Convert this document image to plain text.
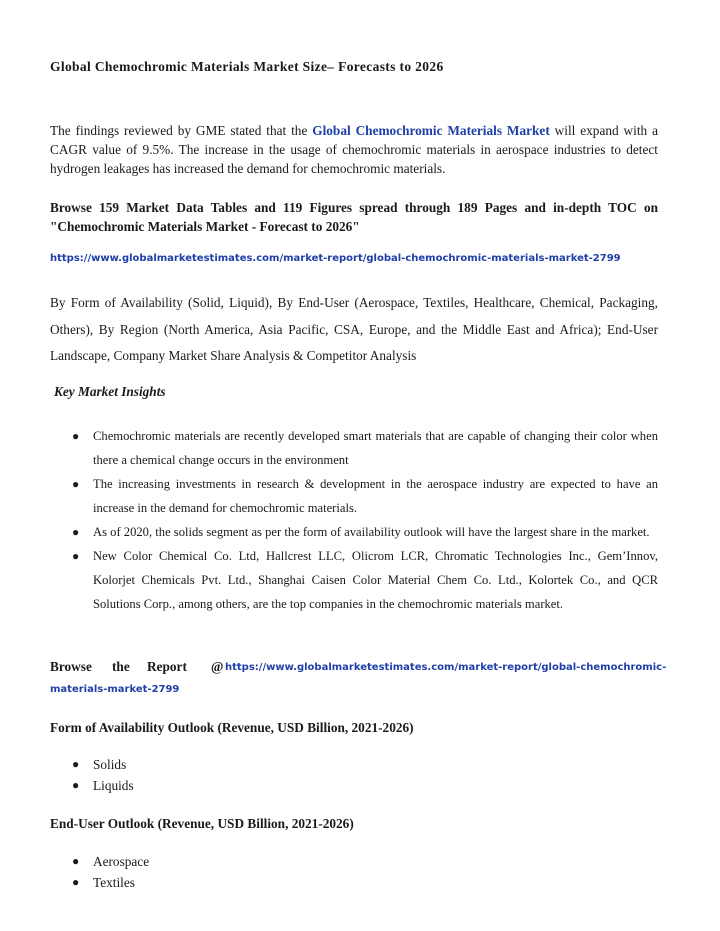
Global Chemochromic Materials Market Size– Forecasts to 2026

The findings reviewed by GME stated that the Global Chemochromic Materials Market will expand with a CAGR value of 9.5%. The increase in the usage of chemochromic materials in aerospace industries to detect hydrogen leakages has increased the demand for chemochromic materials.

Browse 159 Market Data Tables and 119 Figures spread through 189 Pages and in-depth TOC on "Chemochromic Materials Market - Forecast to 2026"

https://www.globalmarketestimates.com/market-report/global-chemochromic-materials-market-2799

By Form of Availability (Solid, Liquid), By End-User (Aerospace, Textiles, Healthcare, Chemical, Packaging, Others), By Region (North America, Asia Pacific, CSA, Europe, and the Middle East and Africa); End-User Landscape, Company Market Share Analysis & Competitor Analysis

Key Market Insights
● Chemochromic materials are recently developed smart materials that are capable of changing their color when there a chemical change occurs in the environment
● The increasing investments in research & development in the aerospace industry are expected to have an increase in the demand for chemochromic materials.
● As of 2020, the solids segment as per the form of availability outlook will have the largest share in the market.
● New Color Chemical Co. Ltd, Hallcrest LLC, Olicrom LCR, Chromatic Technologies Inc., Gem’Innov, Kolorjet Chemicals Pvt. Ltd., Shanghai Caisen Color Material Chem Co. Ltd., Kolortek Co., and QCR Solutions Corp., among others, are the top companies in the chemochromic materials market.
Browse the Report @ https://www.globalmarketestimates.com/market-report/global-chemochromic-
materials-market-2799
Form of Availability Outlook (Revenue, USD Billion, 2021-2026)
● Solids
● Liquids
End-User Outlook (Revenue, USD Billion, 2021-2026)
● Aerospace
● Textiles
